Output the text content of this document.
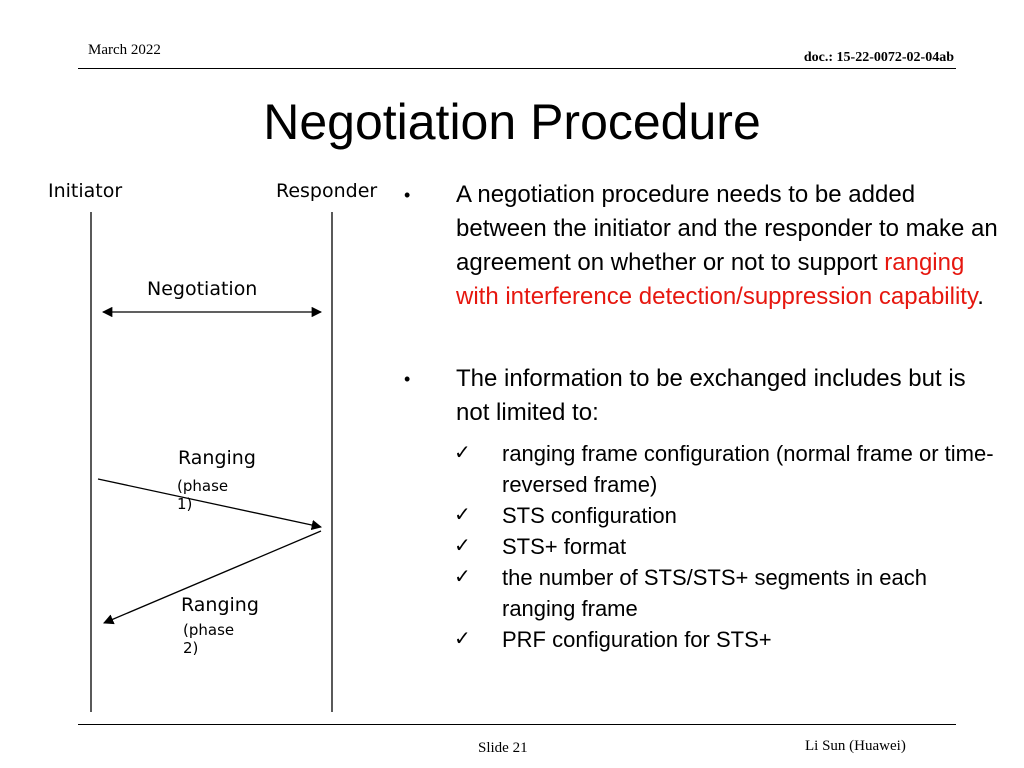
March 2022	doc.: 15-22-0072-02-04ab
Negotiation Procedure
Initiator	Responder
Negotiation
Ranging
(phase 1)
Ranging
(phase 2)
• A negotiation procedure needs to be added between the initiator and the responder to make an agreement on whether or not to support ranging with interference detection/suppression capability.
• The information to be exchanged includes but is not limited to:
✓ ranging frame configuration (normal frame or time-reversed frame)
✓ STS configuration
✓ STS+ format
✓ the number of STS/STS+ segments in each ranging frame
✓ PRF configuration for STS+
Slide 21	Li Sun (Huawei)
